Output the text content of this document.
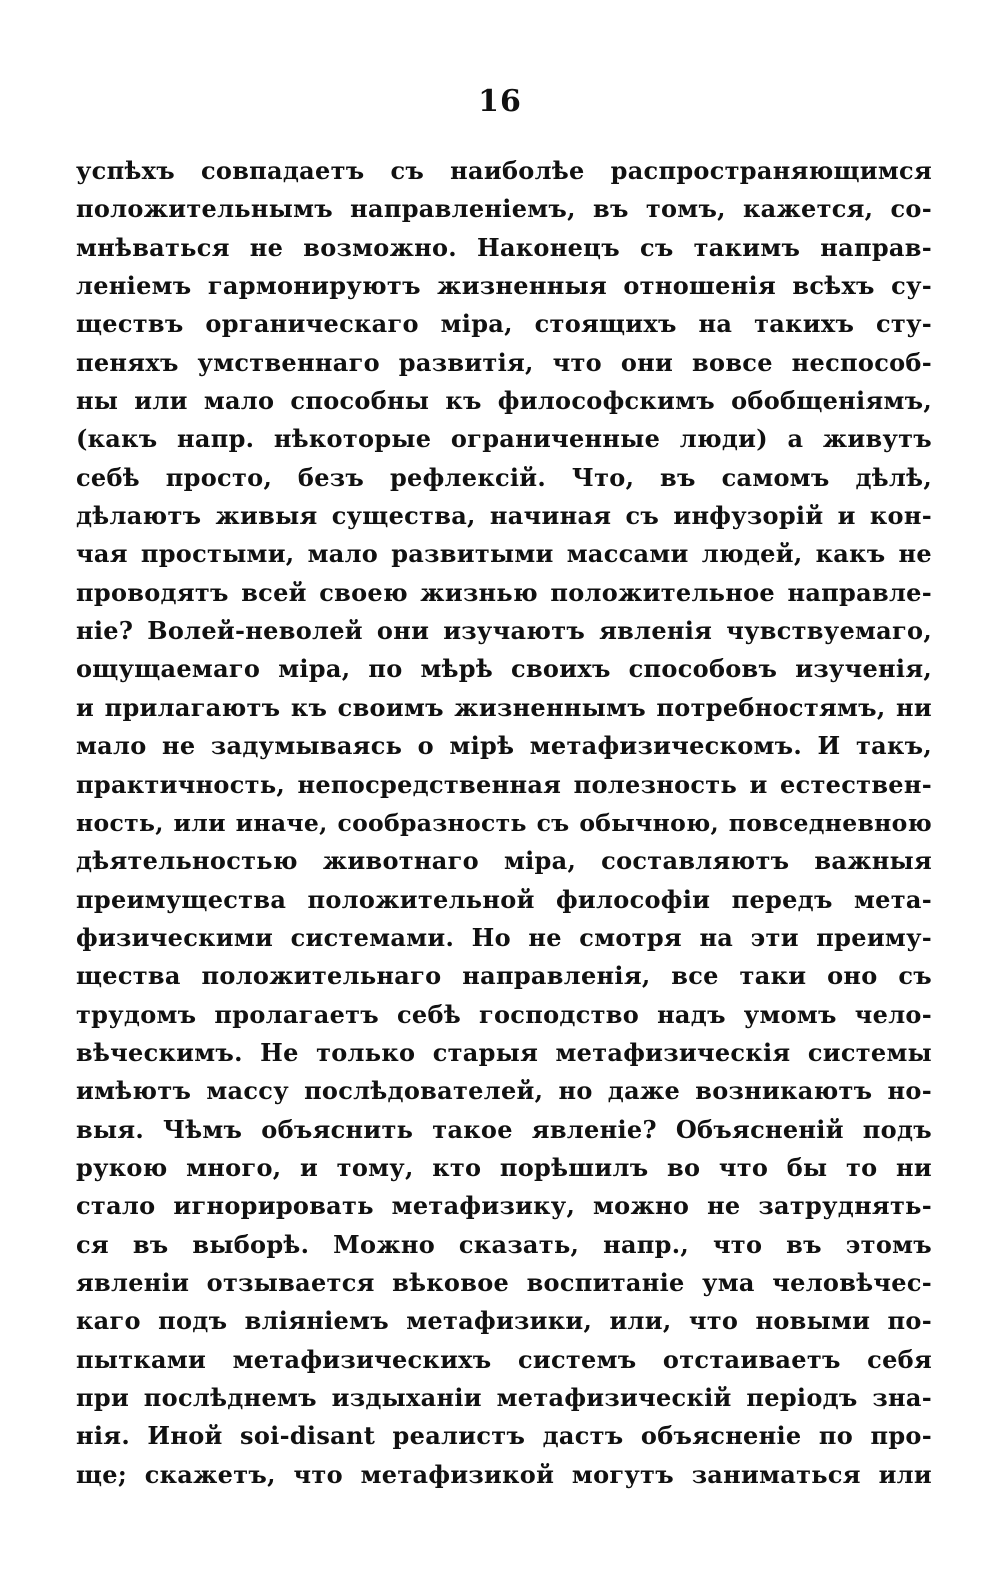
16
успѣхъ совпадаетъ съ наиболѣе распространяющимся
положительнымъ направленіемъ, въ томъ, кажется, со-
мнѣваться не возможно. Наконецъ съ такимъ направ-
леніемъ гармонируютъ жизненныя отношенія всѣхъ су-
ществъ органическаго міра, стоящихъ на такихъ сту-
пеняхъ умственнаго развитія, что они вовсе неспособ-
ны или мало способны къ философскимъ обобщеніямъ,
(какъ напр. нѣкоторые ограниченные люди) а живутъ
себѣ просто, безъ рефлексій. Что, въ самомъ дѣлѣ,
дѣлаютъ живыя существа, начиная съ инфузорій и кон-
чая простыми, мало развитыми массами людей, какъ не
проводятъ всей своею жизнью положительное направле-
ніе? Волей-неволей они изучаютъ явленія чувствуемаго,
ощущаемаго міра, по мѣрѣ своихъ способовъ изученія,
и прилагаютъ къ своимъ жизненнымъ потребностямъ, ни
мало не задумываясь о мірѣ метафизическомъ. И такъ,
практичность, непосредственная полезность и естествен-
ность, или иначе, сообразность съ обычною, повседневною
дѣятельностью животнаго міра, составляютъ важныя
преимущества положительной философіи передъ мета-
физическими системами. Но не смотря на эти преиму-
щества положительнаго направленія, все таки оно съ
трудомъ пролагаетъ себѣ господство надъ умомъ чело-
вѣческимъ. Не только старыя метафизическія системы
имѣютъ массу послѣдователей, но даже возникаютъ но-
выя. Чѣмъ объяснить такое явленіе? Объясненій подъ
рукою много, и тому, кто порѣшилъ во что бы то ни
стало игнорировать метафизику, можно не затруднять-
ся въ выборѣ. Можно сказать, напр., что въ этомъ
явленіи отзывается вѣковое воспитаніе ума человѣчес-
каго подъ вліяніемъ метафизики, или, что новыми по-
пытками метафизическихъ системъ отстаиваетъ себя
при послѣднемъ издыханіи метафизическій періодъ зна-
нія. Иной soi-disant реалистъ дастъ объясненіе по про-
ще; скажетъ, что метафизикой могутъ заниматься или
